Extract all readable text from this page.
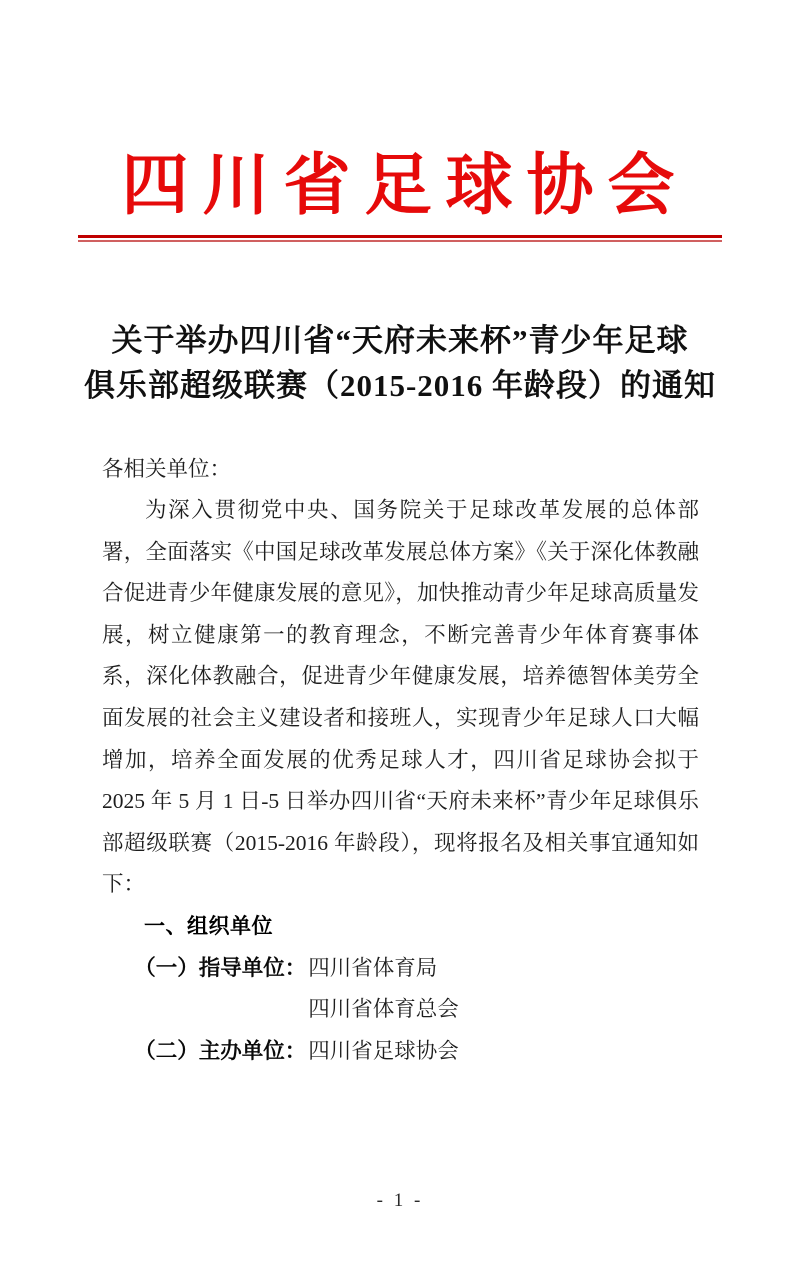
四川省足球协会
关于举办四川省“天府未来杯”青少年足球
俱乐部超级联赛（2015-2016 年龄段）的通知

各相关单位：

为深入贯彻党中央、国务院关于足球改革发展的总体部署，全面落实《中国足球改革发展总体方案》《关于深化体教融合促进青少年健康发展的意见》，加快推动青少年足球高质量发展，树立健康第一的教育理念，不断完善青少年体育赛事体系，深化体教融合，促进青少年健康发展，培养德智体美劳全面发展的社会主义建设者和接班人，实现青少年足球人口大幅增加，培养全面发展的优秀足球人才，四川省足球协会拟于 2025 年 5 月 1 日-5 日举办四川省“天府未来杯”青少年足球俱乐部超级联赛（2015-2016 年龄段），现将报名及相关事宜通知如下：

一、组织单位

（一）指导单位： 四川省体育局
四川省体育总会
（二）主办单位： 四川省足球协会
- 1 -
